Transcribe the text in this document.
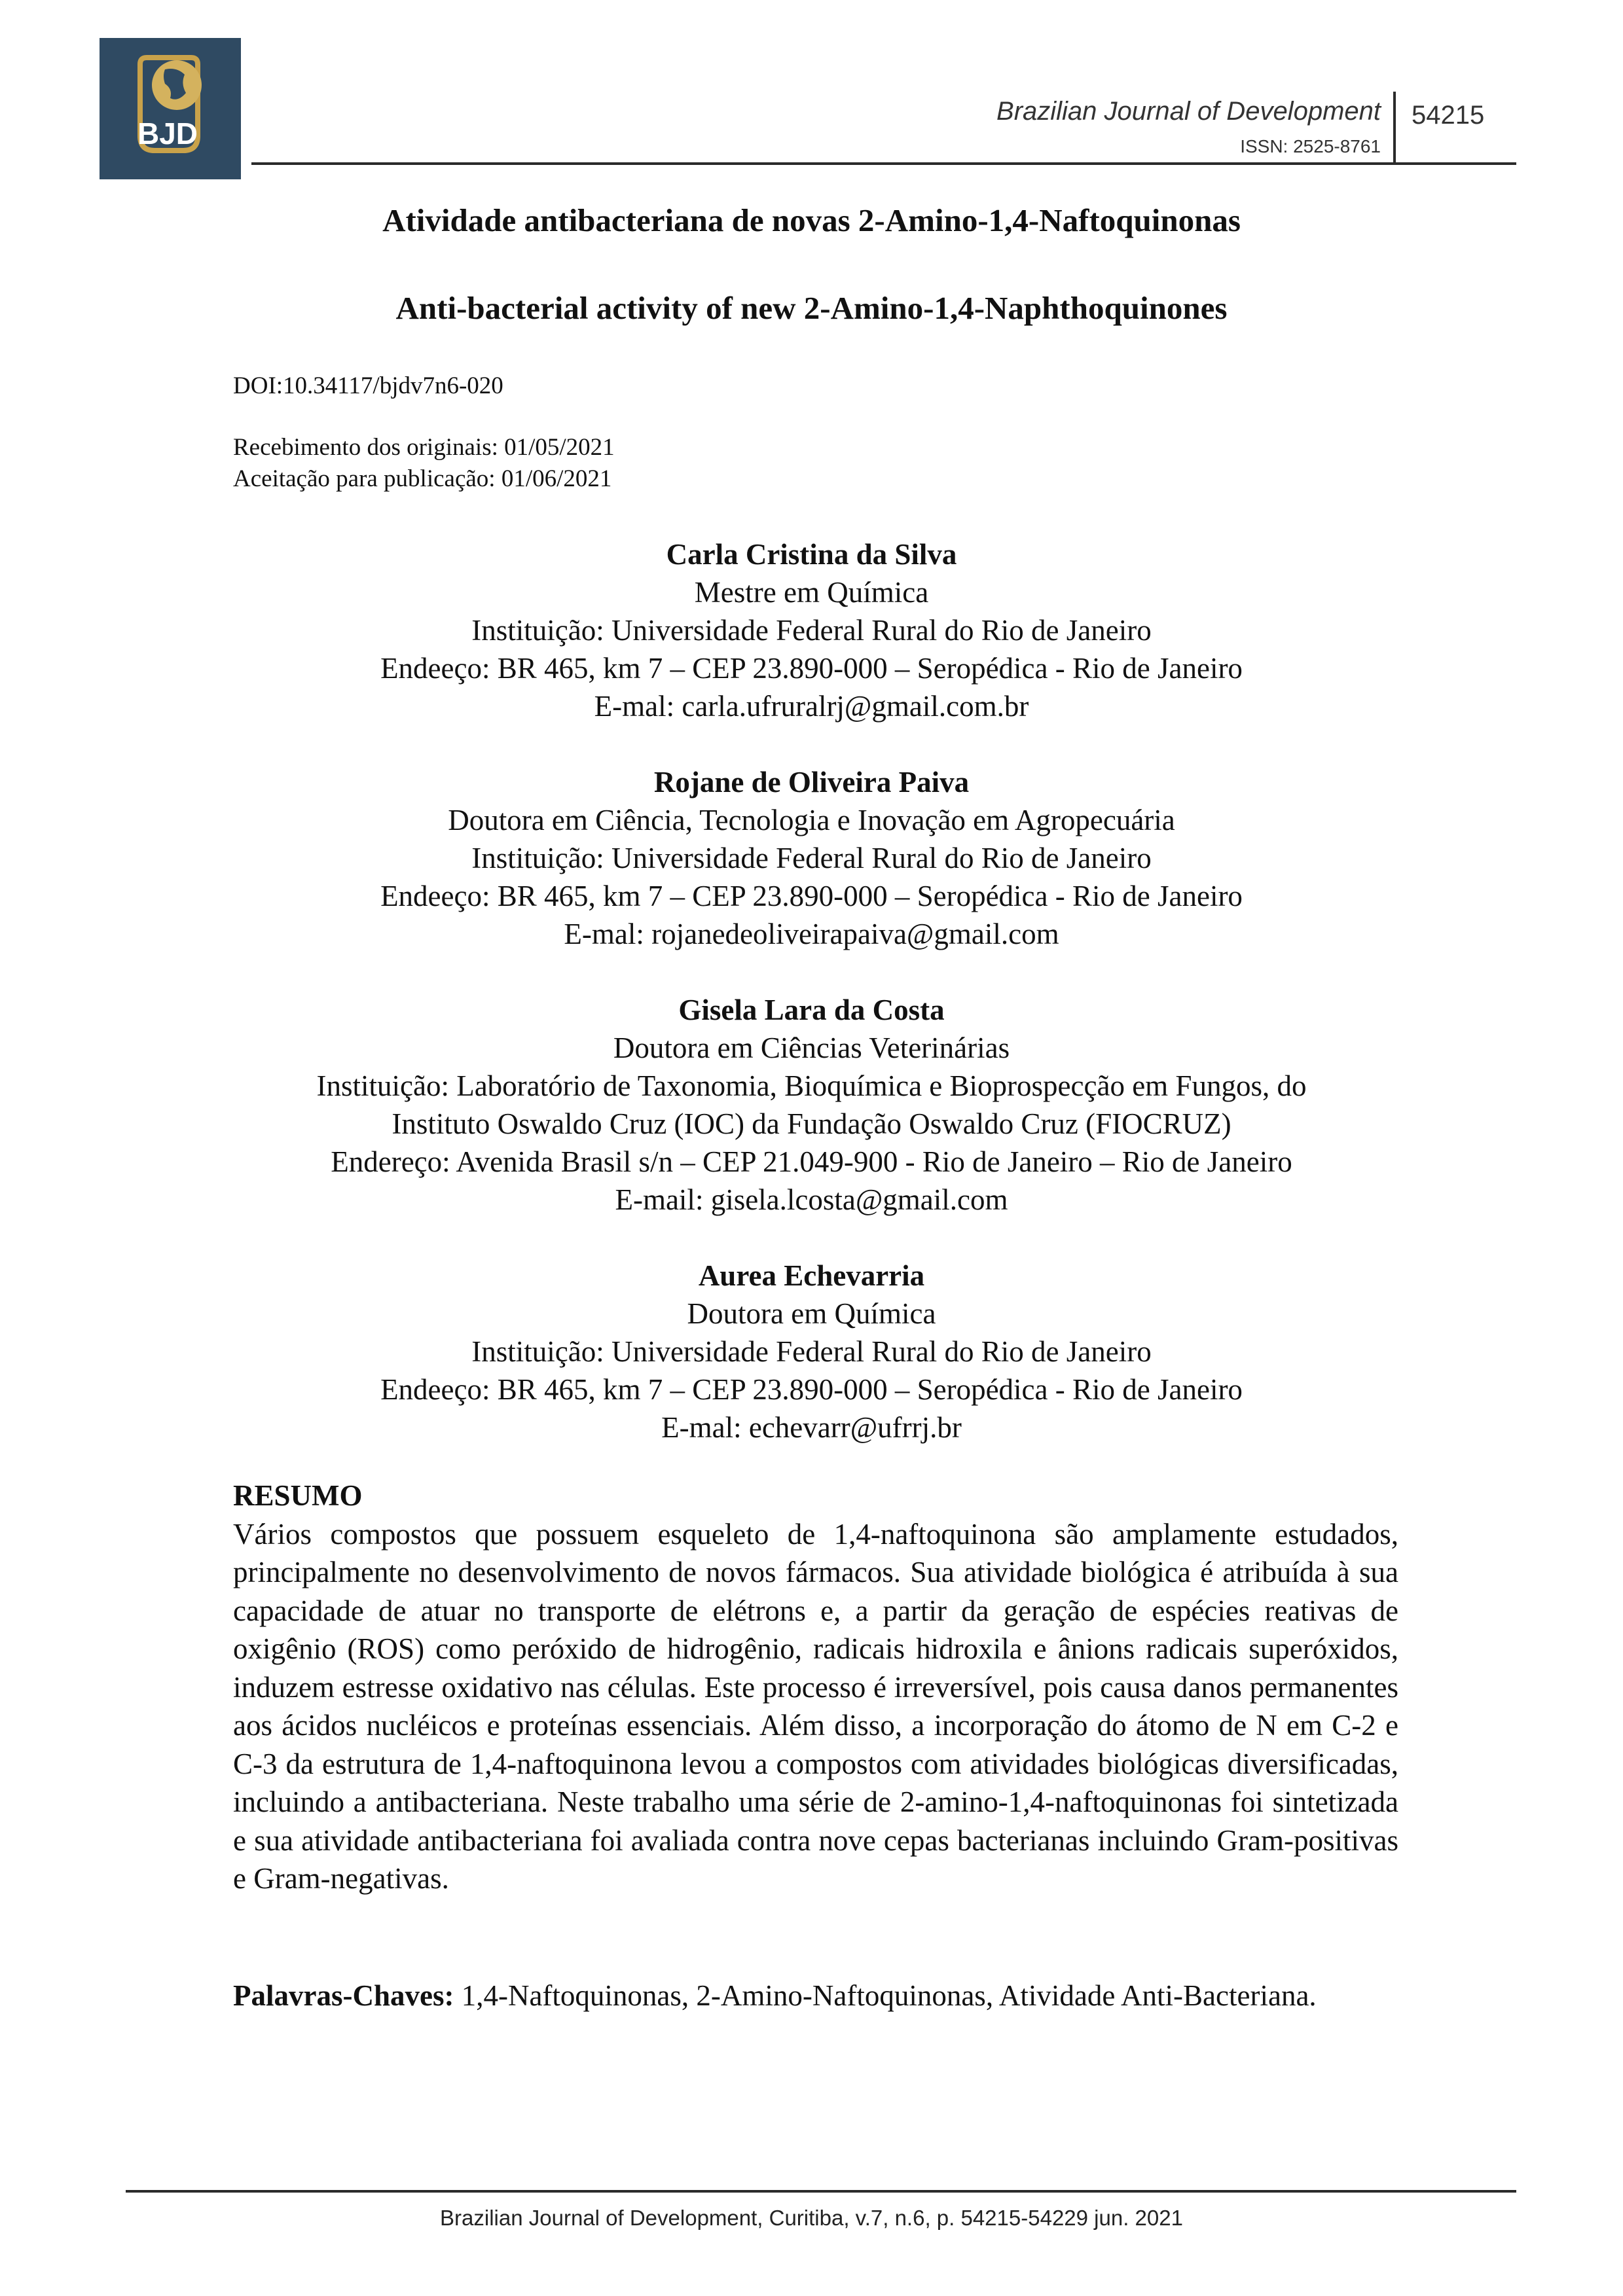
BJD
Brazilian Journal of Development
ISSN: 2525-8761
54215
Atividade antibacteriana de novas 2-Amino-1,4-Naftoquinonas
Anti-bacterial activity of new 2-Amino-1,4-Naphthoquinones
DOI:10.34117/bjdv7n6-020
Recebimento dos originais: 01/05/2021
Aceitação para publicação: 01/06/2021
Carla Cristina da Silva
Mestre em Química
Instituição: Universidade Federal Rural do Rio de Janeiro
Endeeço: BR 465, km 7 – CEP 23.890-000 – Seropédica - Rio de Janeiro
E-mal: carla.ufruralrj@gmail.com.br
Rojane de Oliveira Paiva
Doutora em Ciência, Tecnologia e Inovação em Agropecuária
Instituição: Universidade Federal Rural do Rio de Janeiro
Endeeço: BR 465, km 7 – CEP 23.890-000 – Seropédica - Rio de Janeiro
E-mal: rojanedeoliveirapaiva@gmail.com
Gisela Lara da Costa
Doutora em Ciências Veterinárias
Instituição: Laboratório de Taxonomia, Bioquímica e Bioprospecção em Fungos, do
Instituto Oswaldo Cruz (IOC) da Fundação Oswaldo Cruz (FIOCRUZ)
Endereço: Avenida Brasil s/n – CEP 21.049-900 - Rio de Janeiro – Rio de Janeiro
E-mail: gisela.lcosta@gmail.com
Aurea Echevarria
Doutora em Química
Instituição: Universidade Federal Rural do Rio de Janeiro
Endeeço: BR 465, km 7 – CEP 23.890-000 – Seropédica - Rio de Janeiro
E-mal: echevarr@ufrrj.br
RESUMO
Vários compostos que possuem esqueleto de 1,4-naftoquinona são amplamente estudados, principalmente no desenvolvimento de novos fármacos. Sua atividade biológica é atribuída à sua capacidade de atuar no transporte de elétrons e, a partir da geração de espécies reativas de oxigênio (ROS) como peróxido de hidrogênio, radicais hidroxila e ânions radicais superóxidos, induzem estresse oxidativo nas células. Este processo é irreversível, pois causa danos permanentes aos ácidos nucléicos e proteínas essenciais. Além disso, a incorporação do átomo de N em C-2 e C-3 da estrutura de 1,4-naftoquinona levou a compostos com atividades biológicas diversificadas, incluindo a antibacteriana. Neste trabalho uma série de 2-amino-1,4-naftoquinonas foi sintetizada e sua atividade antibacteriana foi avaliada contra nove cepas bacterianas incluindo Gram-positivas e Gram-negativas.
Palavras-Chaves: 1,4-Naftoquinonas, 2-Amino-Naftoquinonas, Atividade Anti-Bacteriana.
Brazilian Journal of Development, Curitiba, v.7, n.6, p. 54215-54229 jun. 2021
